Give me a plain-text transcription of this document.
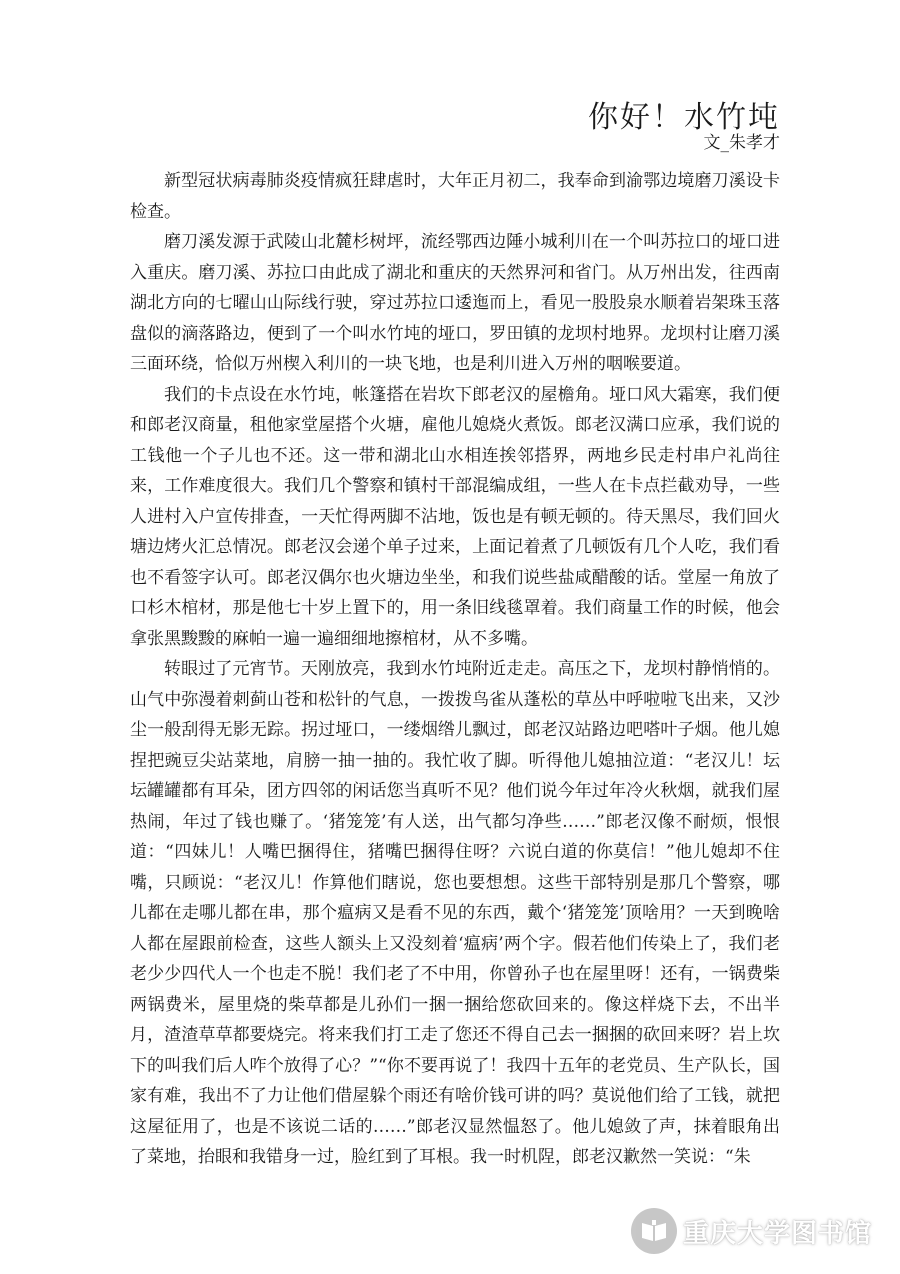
你好！水竹坉
文_朱孝才

新型冠状病毒肺炎疫情疯狂肆虐时，大年正月初二，我奉命到渝鄂边境磨刀溪设卡检查。

磨刀溪发源于武陵山北麓杉树坪，流经鄂西边陲小城利川在一个叫苏拉口的垭口进入重庆。磨刀溪、苏拉口由此成了湖北和重庆的天然界河和省门。从万州出发，往西南湖北方向的七曜山山际线行驶，穿过苏拉口逶迤而上，看见一股股泉水顺着岩架珠玉落盘似的滴落路边，便到了一个叫水竹坉的垭口，罗田镇的龙坝村地界。龙坝村让磨刀溪三面环绕，恰似万州楔入利川的一块飞地，也是利川进入万州的咽喉要道。

我们的卡点设在水竹坉，帐篷搭在岩坎下郎老汉的屋檐角。垭口风大霜寒，我们便和郎老汉商量，租他家堂屋搭个火塘，雇他儿媳烧火煮饭。郎老汉满口应承，我们说的工钱他一个子儿也不还。这一带和湖北山水相连挨邻搭界，两地乡民走村串户礼尚往来，工作难度很大。我们几个警察和镇村干部混编成组，一些人在卡点拦截劝导，一些人进村入户宣传排查，一天忙得两脚不沾地，饭也是有顿无顿的。待天黑尽，我们回火塘边烤火汇总情况。郎老汉会递个单子过来，上面记着煮了几顿饭有几个人吃，我们看也不看签字认可。郎老汉偶尔也火塘边坐坐，和我们说些盐咸醋酸的话。堂屋一角放了口杉木棺材，那是他七十岁上置下的，用一条旧线毯罩着。我们商量工作的时候，他会拿张黑黢黢的麻帕一遍一遍细细地擦棺材，从不多嘴。

转眼过了元宵节。天刚放亮，我到水竹坉附近走走。高压之下，龙坝村静悄悄的。山气中弥漫着刺蓟山苍和松针的气息，一拨拨鸟雀从蓬松的草丛中呼啦啦飞出来，又沙尘一般刮得无影无踪。拐过垭口，一缕烟绺儿飘过，郎老汉站路边吧嗒叶子烟。他儿媳捏把豌豆尖站菜地，肩膀一抽一抽的。我忙收了脚。听得他儿媳抽泣道：“老汉儿！坛坛罐罐都有耳朵，团方四邻的闲话您当真听不见？他们说今年过年冷火秋烟，就我们屋热闹，年过了钱也赚了。‘猪笼笼’有人送，出气都匀净些……”郎老汉像不耐烦，恨恨道：“四妹儿！人嘴巴捆得住，猪嘴巴捆得住呀？六说白道的你莫信！”他儿媳却不住嘴，只顾说：“老汉儿！作算他们瞎说，您也要想想。这些干部特别是那几个警察，哪儿都在走哪儿都在串，那个瘟病又是看不见的东西，戴个‘猪笼笼’顶啥用？一天到晚啥人都在屋跟前检查，这些人额头上又没刻着‘瘟病’两个字。假若他们传染上了，我们老老少少四代人一个也走不脱！我们老了不中用，你曾孙子也在屋里呀！还有，一锅费柴两锅费米，屋里烧的柴草都是儿孙们一捆一捆给您砍回来的。像这样烧下去，不出半月，渣渣草草都要烧完。将来我们打工走了您还不得自己去一捆捆的砍回来呀？岩上坎下的叫我们后人咋个放得了心？”“你不要再说了！我四十五年的老党员、生产队长，国家有难，我出不了力让他们借屋躲个雨还有啥价钱可讲的吗？莫说他们给了工钱，就把这屋征用了，也是不该说二话的……”郎老汉显然愠怒了。他儿媳敛了声，抹着眼角出了菜地，抬眼和我错身一过，脸红到了耳根。我一时机陧，郎老汉歉然一笑说：“朱

重庆大学图书馆
